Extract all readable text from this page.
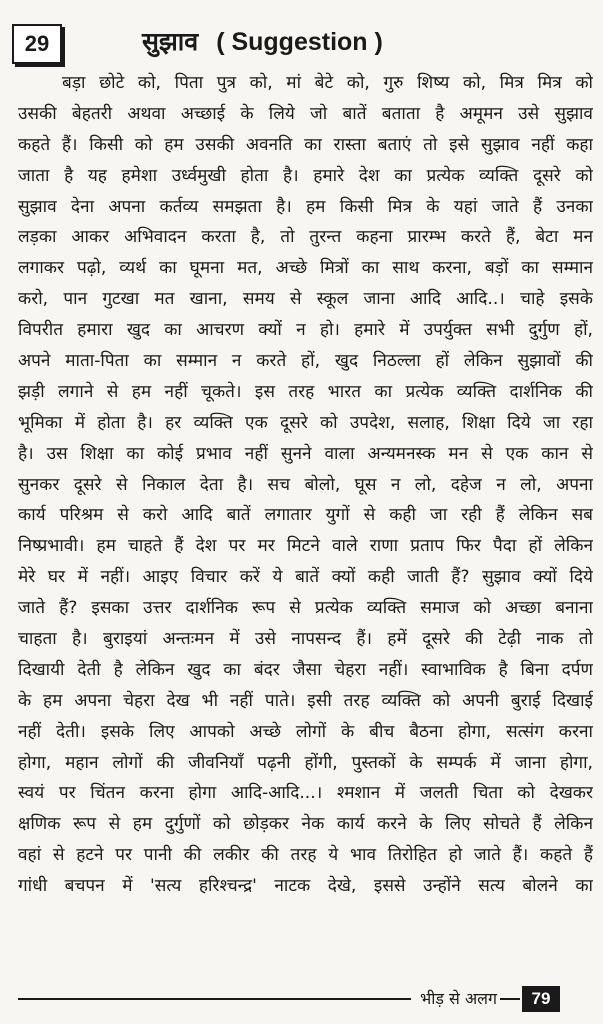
29	सुझाव ( Suggestion )
बड़ा छोटे को, पिता पुत्र को, मां बेटे को, गुरु शिष्य को, मित्र मित्र को
उसकी बेहतरी अथवा अच्छाई के लिये जो बातें बताता है अमूमन उसे सुझाव
कहते हैं। किसी को हम उसकी अवनति का रास्ता बताएं तो इसे सुझाव नहीं कहा
जाता है यह हमेशा उर्ध्वमुखी होता है। हमारे देश का प्रत्येक व्यक्ति दूसरे को
सुझाव देना अपना कर्तव्य समझता है। हम किसी मित्र के यहां जाते हैं उनका
लड़का आकर अभिवादन करता है, तो तुरन्त कहना प्रारम्भ करते हैं, बेटा मन
लगाकर पढ़ो, व्यर्थ का घूमना मत, अच्छे मित्रों का साथ करना, बड़ों का सम्मान
करो, पान गुटखा मत खाना, समय से स्कूल जाना आदि आदि..। चाहे इसके
विपरीत हमारा खुद का आचरण क्यों न हो। हमारे में उपर्युक्त सभी दुर्गुण हों,
अपने माता-पिता का सम्मान न करते हों, खुद निठल्ला हों लेकिन सुझावों की
झड़ी लगाने से हम नहीं चूकते। इस तरह भारत का प्रत्येक व्यक्ति दार्शनिक की
भूमिका में होता है। हर व्यक्ति एक दूसरे को उपदेश, सलाह, शिक्षा दिये जा रहा
है। उस शिक्षा का कोई प्रभाव नहीं सुनने वाला अन्यमनस्क मन से एक कान से
सुनकर दूसरे से निकाल देता है। सच बोलो, घूस न लो, दहेज न लो, अपना
कार्य परिश्रम से करो आदि बातें लगातार युगों से कही जा रही हैं लेकिन सब
निष्प्रभावी। हम चाहते हैं देश पर मर मिटने वाले राणा प्रताप फिर पैदा हों लेकिन
मेरे घर में नहीं। आइए विचार करें ये बातें क्यों कही जाती हैं? सुझाव क्यों दिये
जाते हैं? इसका उत्तर दार्शनिक रूप से प्रत्येक व्यक्ति समाज को अच्छा बनाना
चाहता है। बुराइयां अन्तःमन में उसे नापसन्द हैं। हमें दूसरे की टेढ़ी नाक तो
दिखायी देती है लेकिन खुद का बंदर जैसा चेहरा नहीं। स्वाभाविक है बिना दर्पण
के हम अपना चेहरा देख भी नहीं पाते। इसी तरह व्यक्ति को अपनी बुराई दिखाई
नहीं देती। इसके लिए आपको अच्छे लोगों के बीच बैठना होगा, सत्संग करना
होगा, महान लोगों की जीवनियाँ पढ़नी होंगी, पुस्तकों के सम्पर्क में जाना होगा,
स्वयं पर चिंतन करना होगा आदि-आदि...। श्मशान में जलती चिता को देखकर
क्षणिक रूप से हम दुर्गुणों को छोड़कर नेक कार्य करने के लिए सोचते हैं लेकिन
वहां से हटने पर पानी की लकीर की तरह ये भाव तिरोहित हो जाते हैं। कहते हैं
गांधी बचपन में 'सत्य हरिश्चन्द्र' नाटक देखे, इससे उन्होंने सत्य बोलने का
भीड़ से अलग	79
